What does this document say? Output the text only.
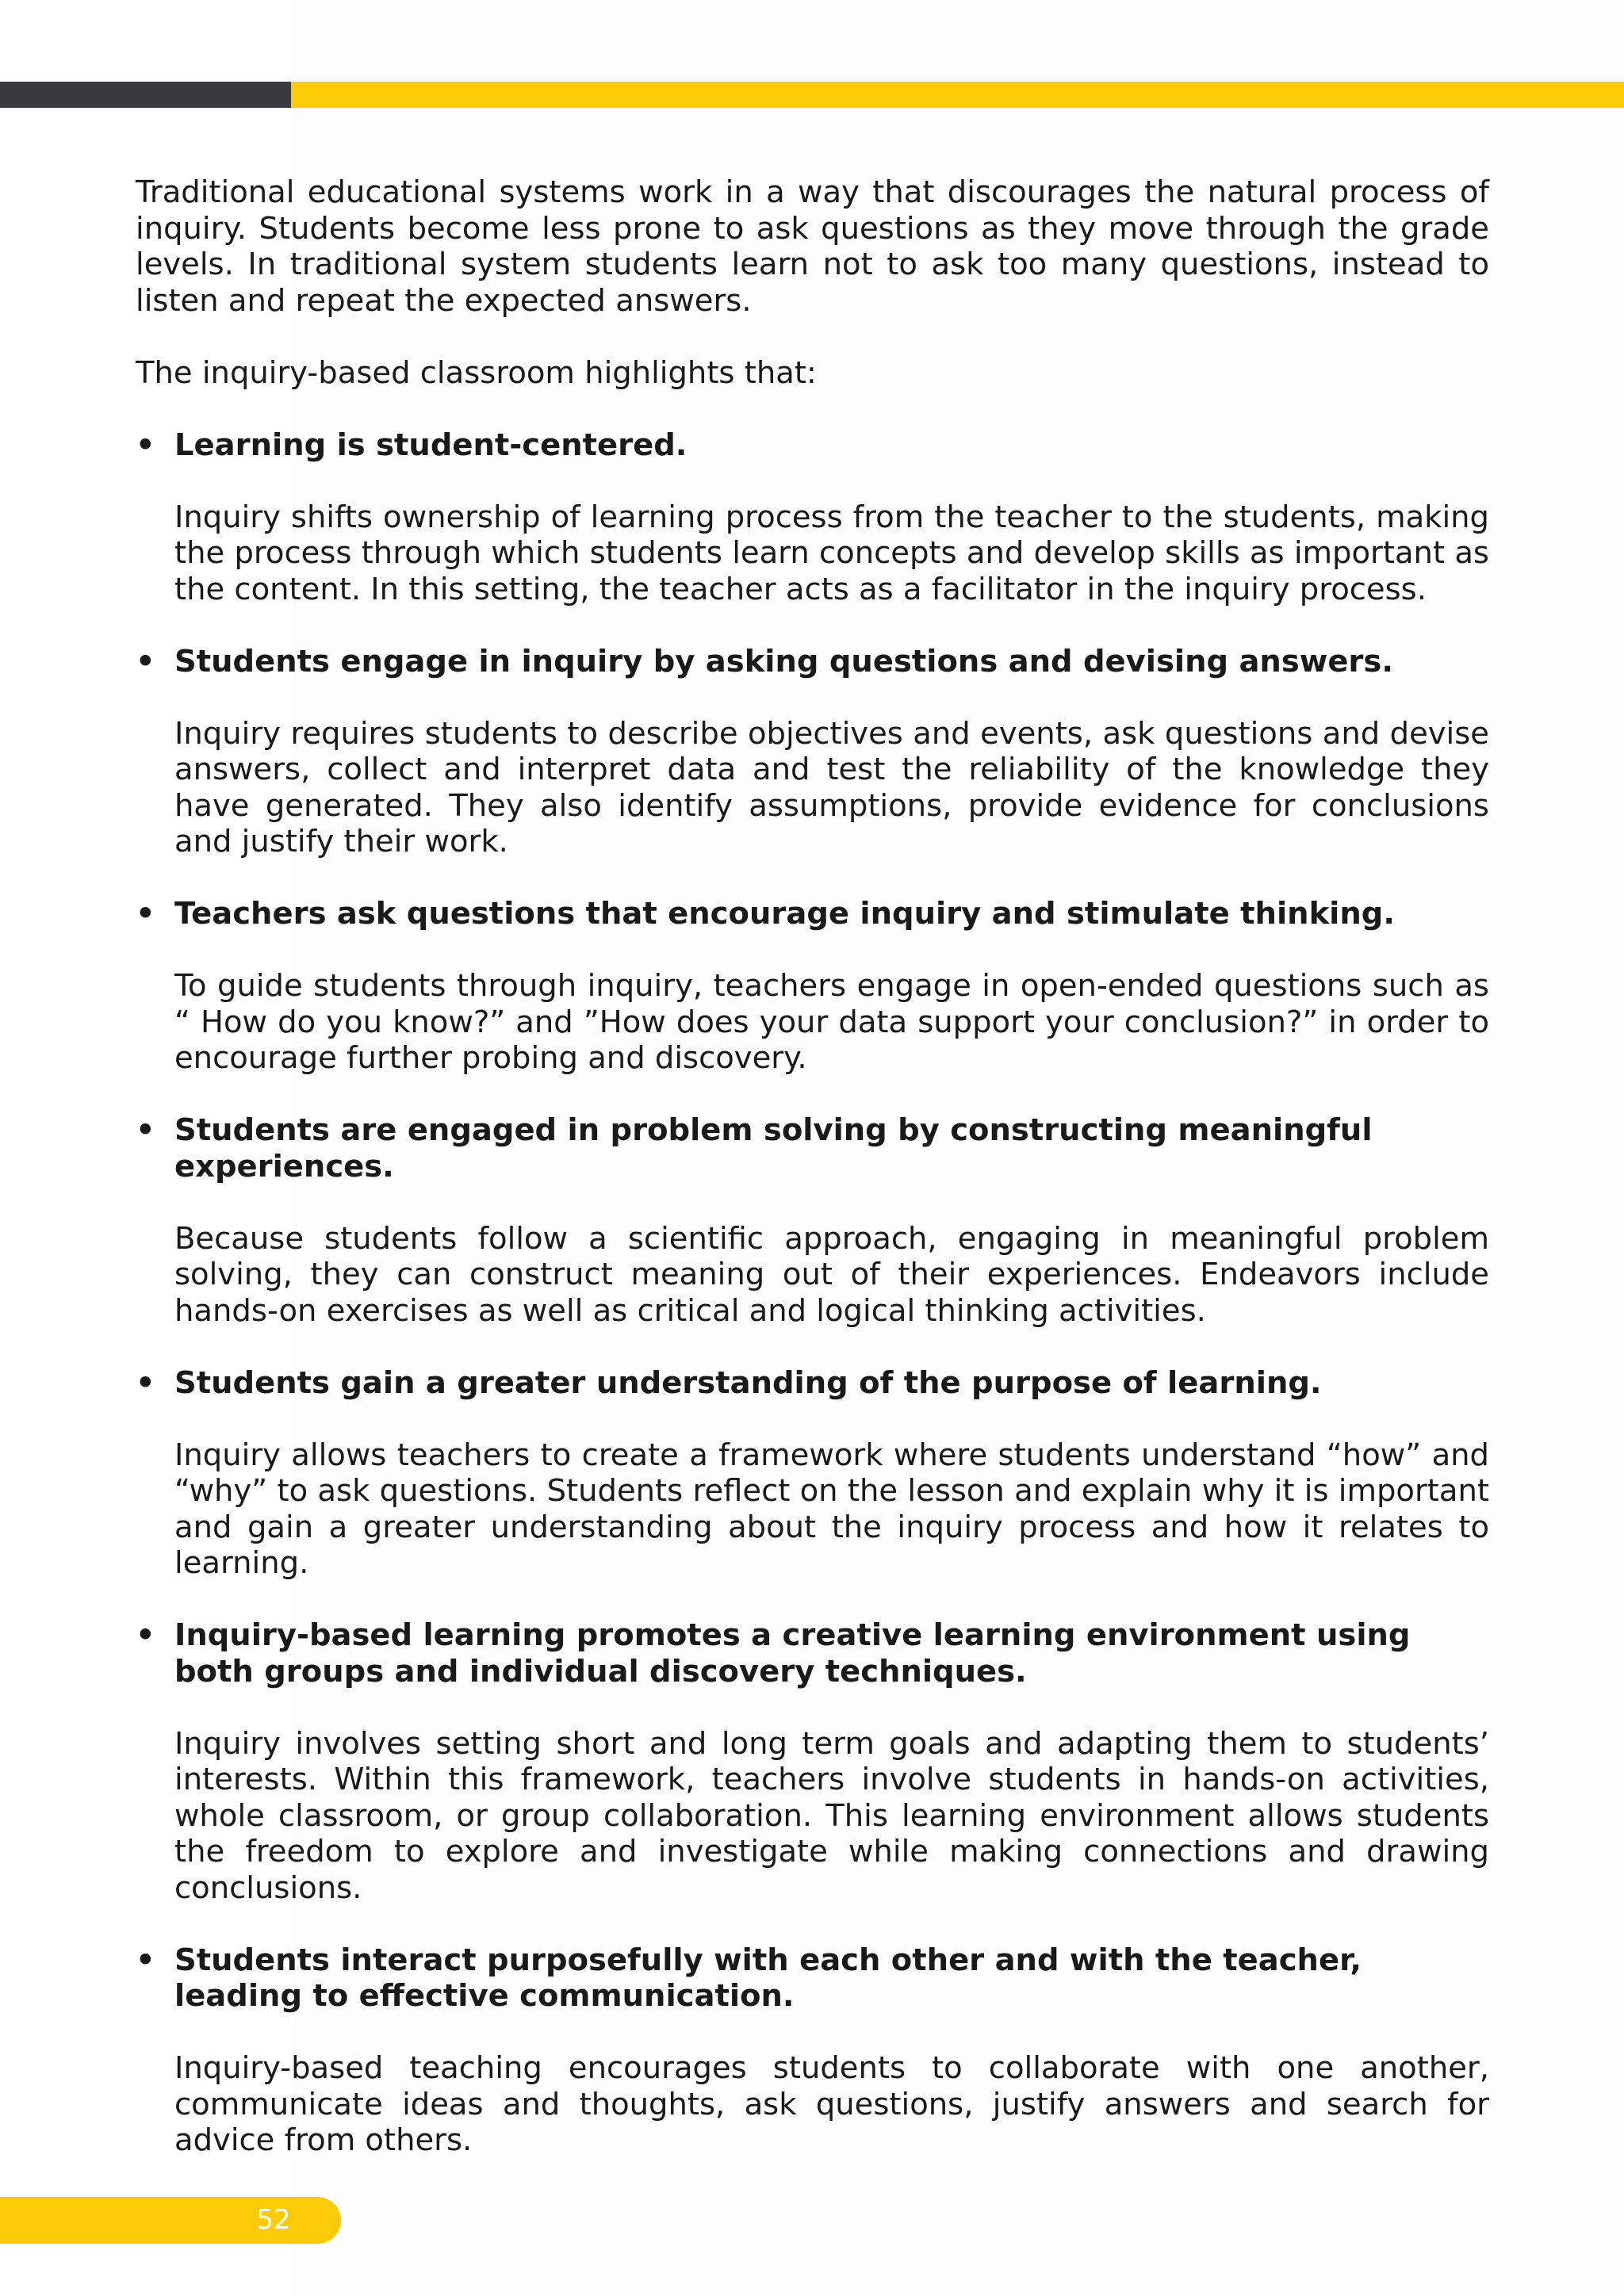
Traditional educational systems work in a way that discourages the natural process of inquiry. Students become less prone to ask questions as they move through the grade levels. In traditional system students learn not to ask too many questions, instead to listen and repeat the expected answers.

The inquiry-based classroom highlights that:

• Learning is student-centered.

Inquiry shifts ownership of learning process from the teacher to the students, making the process through which students learn concepts and develop skills as important as the content. In this setting, the teacher acts as a facilitator in the inquiry process.

• Students engage in inquiry by asking questions and devising answers.

Inquiry requires students to describe objectives and events, ask questions and devise answers, collect and interpret data and test the reliability of the knowledge they have generated. They also identify assumptions, provide evidence for conclusions and justify their work.

• Teachers ask questions that encourage inquiry and stimulate thinking.

To guide students through inquiry, teachers engage in open-ended questions such as “ How do you know?” and ”How does your data support your conclusion?” in order to encourage further probing and discovery.

• Students are engaged in problem solving by constructing meaningful experiences.

Because students follow a scientific approach, engaging in meaningful problem solving, they can construct meaning out of their experiences. Endeavors include hands-on exercises as well as critical and logical thinking activities.

• Students gain a greater understanding of the purpose of learning.

Inquiry allows teachers to create a framework where students understand “how” and “why” to ask questions. Students reflect on the lesson and explain why it is important and gain a greater understanding about the inquiry process and how it relates to learning.

• Inquiry-based learning promotes a creative learning environment using both groups and individual discovery techniques.

Inquiry involves setting short and long term goals and adapting them to students’ interests. Within this framework, teachers involve students in hands-on activities, whole classroom, or group collaboration. This learning environment allows students the freedom to explore and investigate while making connections and drawing conclusions.

• Students interact purposefully with each other and with the teacher, leading to effective communication.

Inquiry-based teaching encourages students to collaborate with one another, communicate ideas and thoughts, ask questions, justify answers and search for advice from others.

52
